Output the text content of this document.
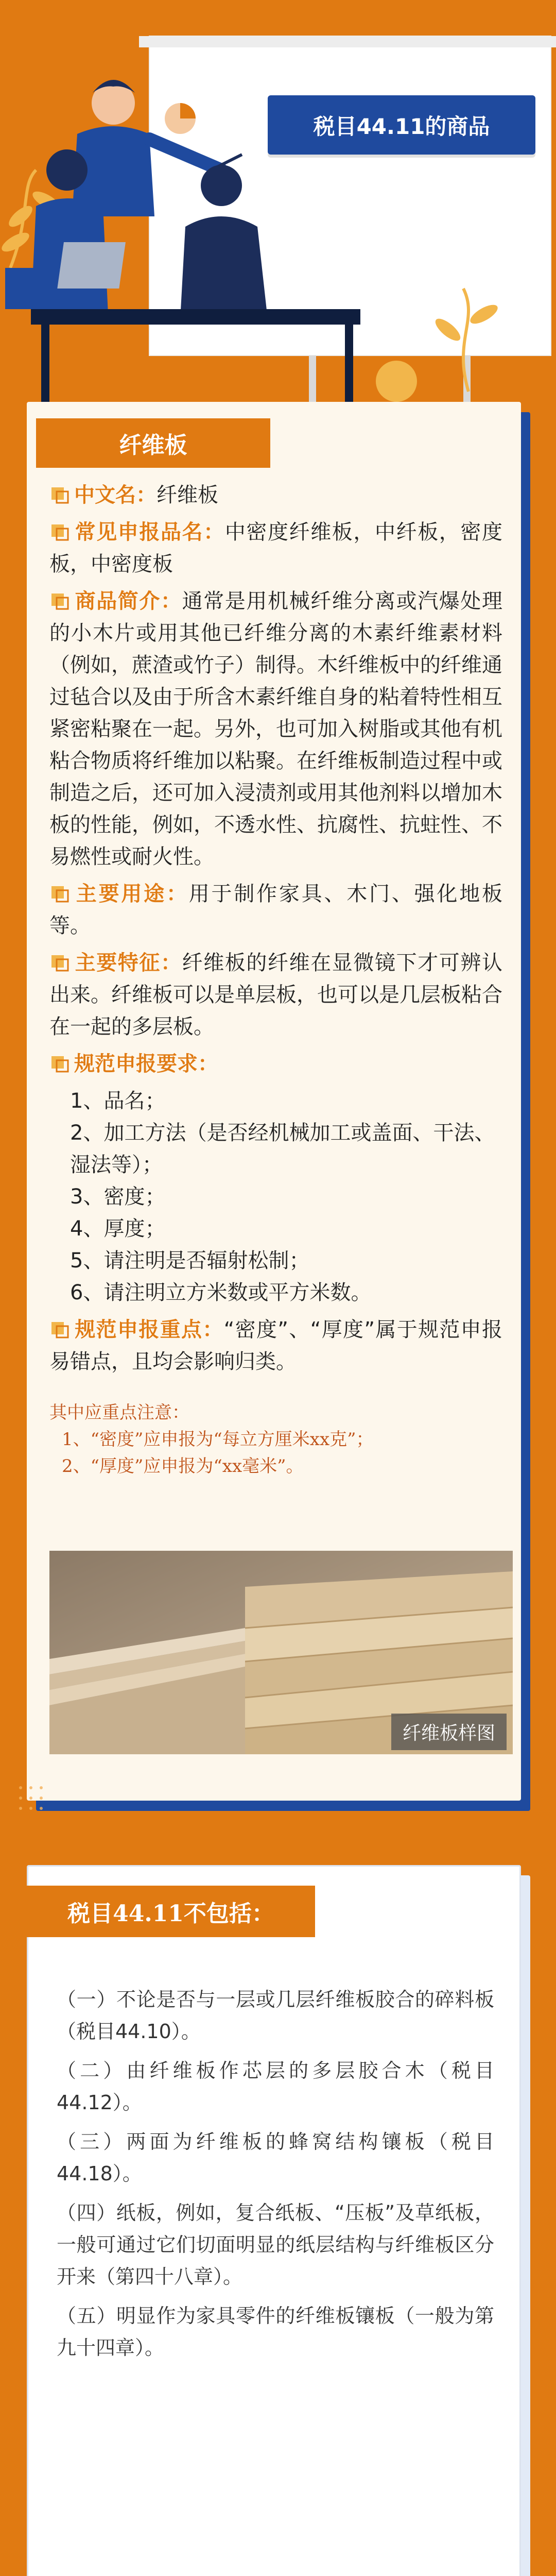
税目44.11的商品
纤维板

中文名：纤维板

常见申报品名：中密度纤维板，中纤板，密度板，中密度板

商品简介：通常是用机械纤维分离或汽爆处理的小木片或用其他已纤维分离的木素纤维素材料（例如，蔗渣或竹子）制得。木纤维板中的纤维通过毡合以及由于所含木素纤维自身的粘着特性相互紧密粘聚在一起。另外，也可加入树脂或其他有机粘合物质将纤维加以粘聚。在纤维板制造过程中或制造之后，还可加入浸渍剂或用其他剂料以增加木板的性能，例如，不透水性、抗腐性、抗蛀性、不易燃性或耐火性。

主要用途：用于制作家具、木门、强化地板等。

主要特征：纤维板的纤维在显微镜下才可辨认出来。纤维板可以是单层板，也可以是几层板粘合在一起的多层板。

规范申报要求：

1、品名；

2、加工方法（是否经机械加工或盖面、干法、湿法等）；

3、密度；

4、厚度；

5、请注明是否辐射松制；

6、请注明立方米数或平方米数。

规范申报重点：“密度”、“厚度”属于规范申报易错点，且均会影响归类。

其中应重点注意：

1、“密度”应申报为“每立方厘米xx克”；

2、“厚度”应申报为“xx毫米”。

纤维板样图
税目44.11不包括：

（一）不论是否与一层或几层纤维板胶合的碎料板（税目44.10）。

（二）由纤维板作芯层的多层胶合木（税目44.12）。

（三）两面为纤维板的蜂窝结构镶板（税目44.18）。

（四）纸板，例如，复合纸板、“压板”及草纸板，一般可通过它们切面明显的纸层结构与纤维板区分开来（第四十八章）。

（五）明显作为家具零件的纤维板镶板（一般为第九十四章）。
